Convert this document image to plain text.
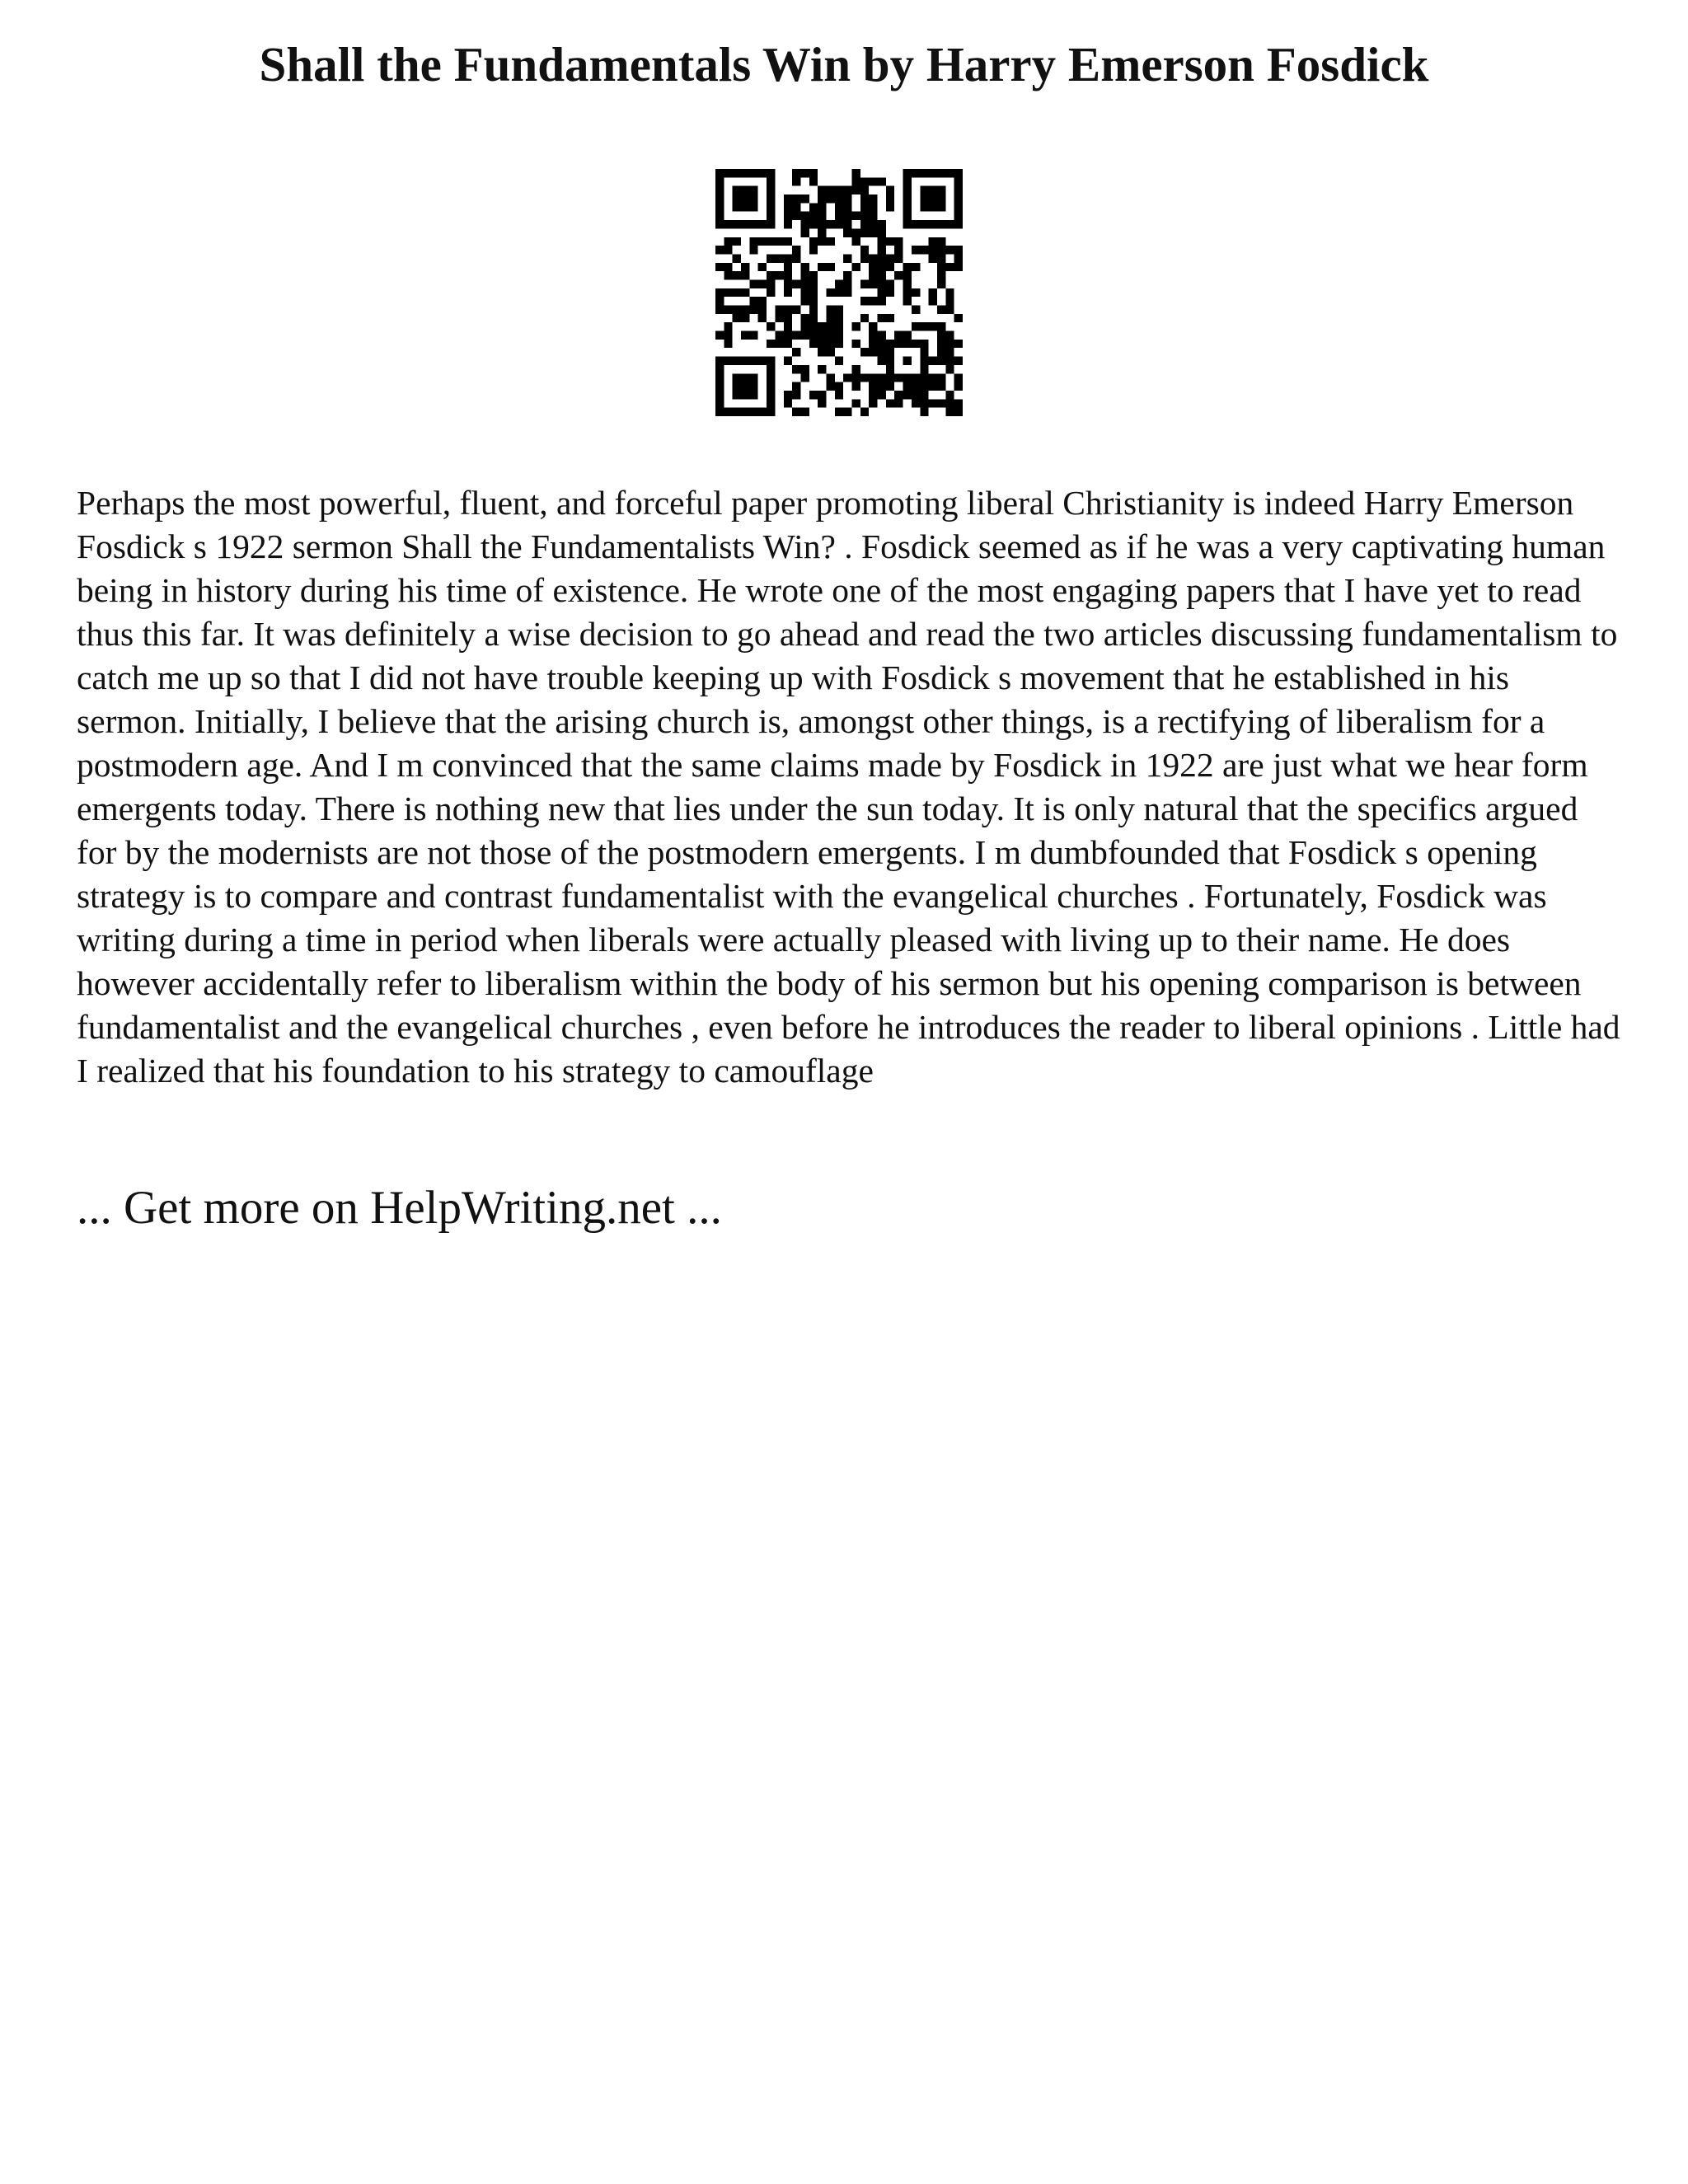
Shall the Fundamentals Win by Harry Emerson Fosdick

Perhaps the most powerful, fluent, and forceful paper promoting liberal Christianity is indeed Harry Emerson Fosdick s 1922 sermon Shall the Fundamentalists Win? . Fosdick seemed as if he was a very captivating human being in history during his time of existence. He wrote one of the most engaging papers that I have yet to read thus this far. It was definitely a wise decision to go ahead and read the two articles discussing fundamentalism to catch me up so that I did not have trouble keeping up with Fosdick s movement that he established in his sermon. Initially, I believe that the arising church is, amongst other things, is a rectifying of liberalism for a postmodern age. And I m convinced that the same claims made by Fosdick in 1922 are just what we hear form emergents today. There is nothing new that lies under the sun today. It is only natural that the specifics argued for by the modernists are not those of the postmodern emergents. I m dumbfounded that Fosdick s opening strategy is to compare and contrast fundamentalist with the evangelical churches . Fortunately, Fosdick was writing during a time in period when liberals were actually pleased with living up to their name. He does however accidentally refer to liberalism within the body of his sermon but his opening comparison is between fundamentalist and the evangelical churches , even before he introduces the reader to liberal opinions . Little had I realized that his foundation to his strategy to camouflage

... Get more on HelpWriting.net ...
